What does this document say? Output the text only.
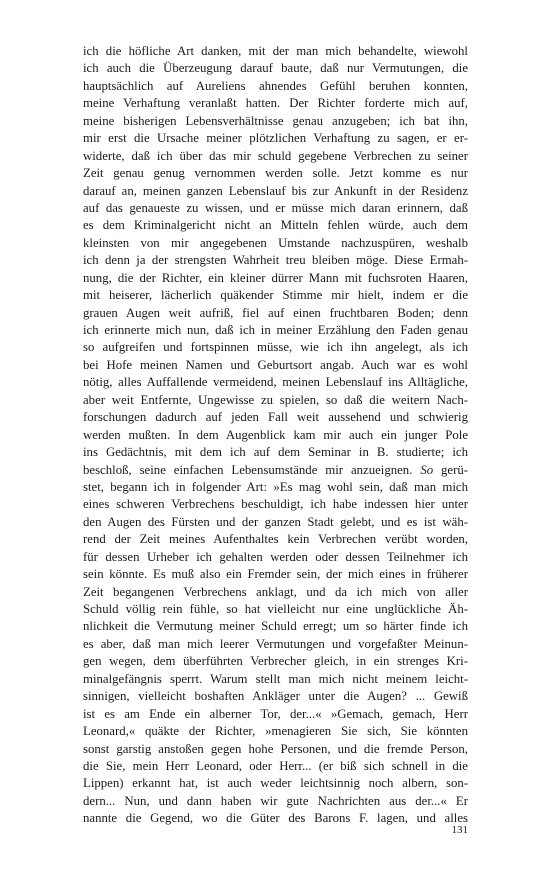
ich die höfliche Art danken, mit der man mich behandelte, wiewohl
ich auch die Überzeugung darauf baute, daß nur Vermutungen, die
hauptsächlich auf Aureliens ahnendes Gefühl beruhen konnten,
meine Verhaftung veranlaßt hatten. Der Richter forderte mich auf,
meine bisherigen Lebensverhältnisse genau anzugeben; ich bat ihn,
mir erst die Ursache meiner plötzlichen Verhaftung zu sagen, er er-
widerte, daß ich über das mir schuld gegebene Verbrechen zu seiner
Zeit genau genug vernommen werden solle. Jetzt komme es nur
darauf an, meinen ganzen Lebenslauf bis zur Ankunft in der Residenz
auf das genaueste zu wissen, und er müsse mich daran erinnern, daß
es dem Kriminalgericht nicht an Mitteln fehlen würde, auch dem
kleinsten von mir angegebenen Umstande nachzuspüren, weshalb
ich denn ja der strengsten Wahrheit treu bleiben möge. Diese Ermah-
nung, die der Richter, ein kleiner dürrer Mann mit fuchsroten Haaren,
mit heiserer, lächerlich quäkender Stimme mir hielt, indem er die
grauen Augen weit aufriß, fiel auf einen fruchtbaren Boden; denn
ich erinnerte mich nun, daß ich in meiner Erzählung den Faden genau
so aufgreifen und fortspinnen müsse, wie ich ihn angelegt, als ich
bei Hofe meinen Namen und Geburtsort angab. Auch war es wohl
nötig, alles Auffallende vermeidend, meinen Lebenslauf ins Alltägliche,
aber weit Entfernte, Ungewisse zu spielen, so daß die weitern Nach-
forschungen dadurch auf jeden Fall weit aussehend und schwierig
werden mußten. In dem Augenblick kam mir auch ein junger Pole
ins Gedächtnis, mit dem ich auf dem Seminar in B. studierte; ich
beschloß, seine einfachen Lebensumstände mir anzueignen. So gerü-
stet, begann ich in folgender Art: »Es mag wohl sein, daß man mich
eines schweren Verbrechens beschuldigt, ich habe indessen hier unter
den Augen des Fürsten und der ganzen Stadt gelebt, und es ist wäh-
rend der Zeit meines Aufenthaltes kein Verbrechen verübt worden,
für dessen Urheber ich gehalten werden oder dessen Teilnehmer ich
sein könnte. Es muß also ein Fremder sein, der mich eines in früherer
Zeit begangenen Verbrechens anklagt, und da ich mich von aller
Schuld völlig rein fühle, so hat vielleicht nur eine unglückliche Äh-
nlichkeit die Vermutung meiner Schuld erregt; um so härter finde ich
es aber, daß man mich leerer Vermutungen und vorgefaßter Meinun-
gen wegen, dem überführten Verbrecher gleich, in ein strenges Kri-
minalgefängnis sperrt. Warum stellt man mich nicht meinem leicht-
sinnigen, vielleicht boshaften Ankläger unter die Augen? ... Gewiß
ist es am Ende ein alberner Tor, der...« »Gemach, gemach, Herr
Leonard,« quäkte der Richter, »menagieren Sie sich, Sie könnten
sonst garstig anstoßen gegen hohe Personen, und die fremde Person,
die Sie, mein Herr Leonard, oder Herr... (er biß sich schnell in die
Lippen) erkannt hat, ist auch weder leichtsinnig noch albern, son-
dern... Nun, und dann haben wir gute Nachrichten aus der...« Er
nannte die Gegend, wo die Güter des Barons F. lagen, und alles
131
